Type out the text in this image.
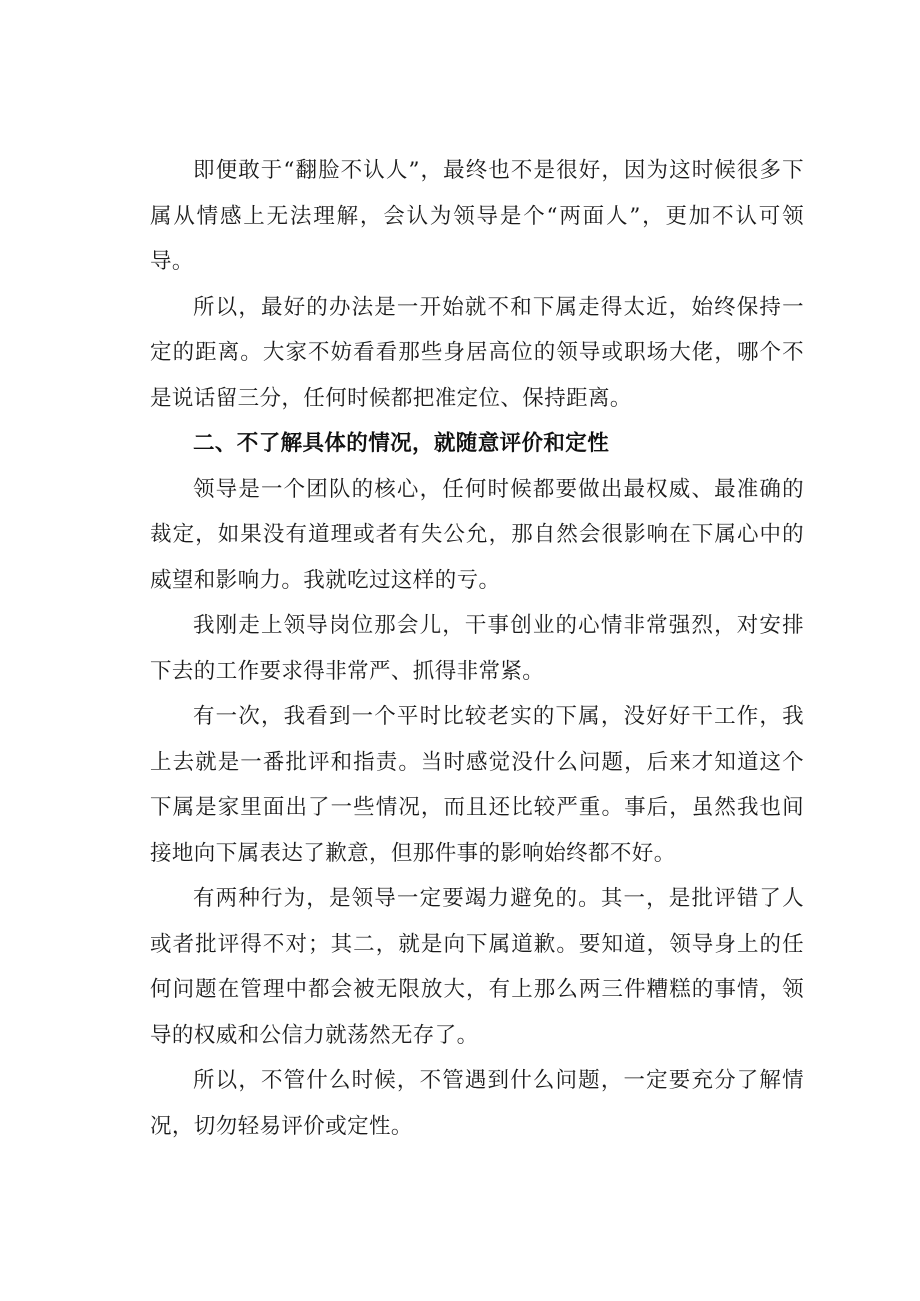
即便敢于“翻脸不认人”，最终也不是很好，因为这时候很多下属从情感上无法理解，会认为领导是个“两面人”，更加不认可领导。

所以，最好的办法是一开始就不和下属走得太近，始终保持一定的距离。大家不妨看看那些身居高位的领导或职场大佬，哪个不是说话留三分，任何时候都把准定位、保持距离。

二、不了解具体的情况，就随意评价和定性

领导是一个团队的核心，任何时候都要做出最权威、最准确的裁定，如果没有道理或者有失公允，那自然会很影响在下属心中的威望和影响力。我就吃过这样的亏。

我刚走上领导岗位那会儿，干事创业的心情非常强烈，对安排下去的工作要求得非常严、抓得非常紧。

有一次，我看到一个平时比较老实的下属，没好好干工作，我上去就是一番批评和指责。当时感觉没什么问题，后来才知道这个下属是家里面出了一些情况，而且还比较严重。事后，虽然我也间接地向下属表达了歉意，但那件事的影响始终都不好。

有两种行为，是领导一定要竭力避免的。其一，是批评错了人或者批评得不对；其二，就是向下属道歉。要知道，领导身上的任何问题在管理中都会被无限放大，有上那么两三件糟糕的事情，领导的权威和公信力就荡然无存了。

所以，不管什么时候，不管遇到什么问题，一定要充分了解情况，切勿轻易评价或定性。
